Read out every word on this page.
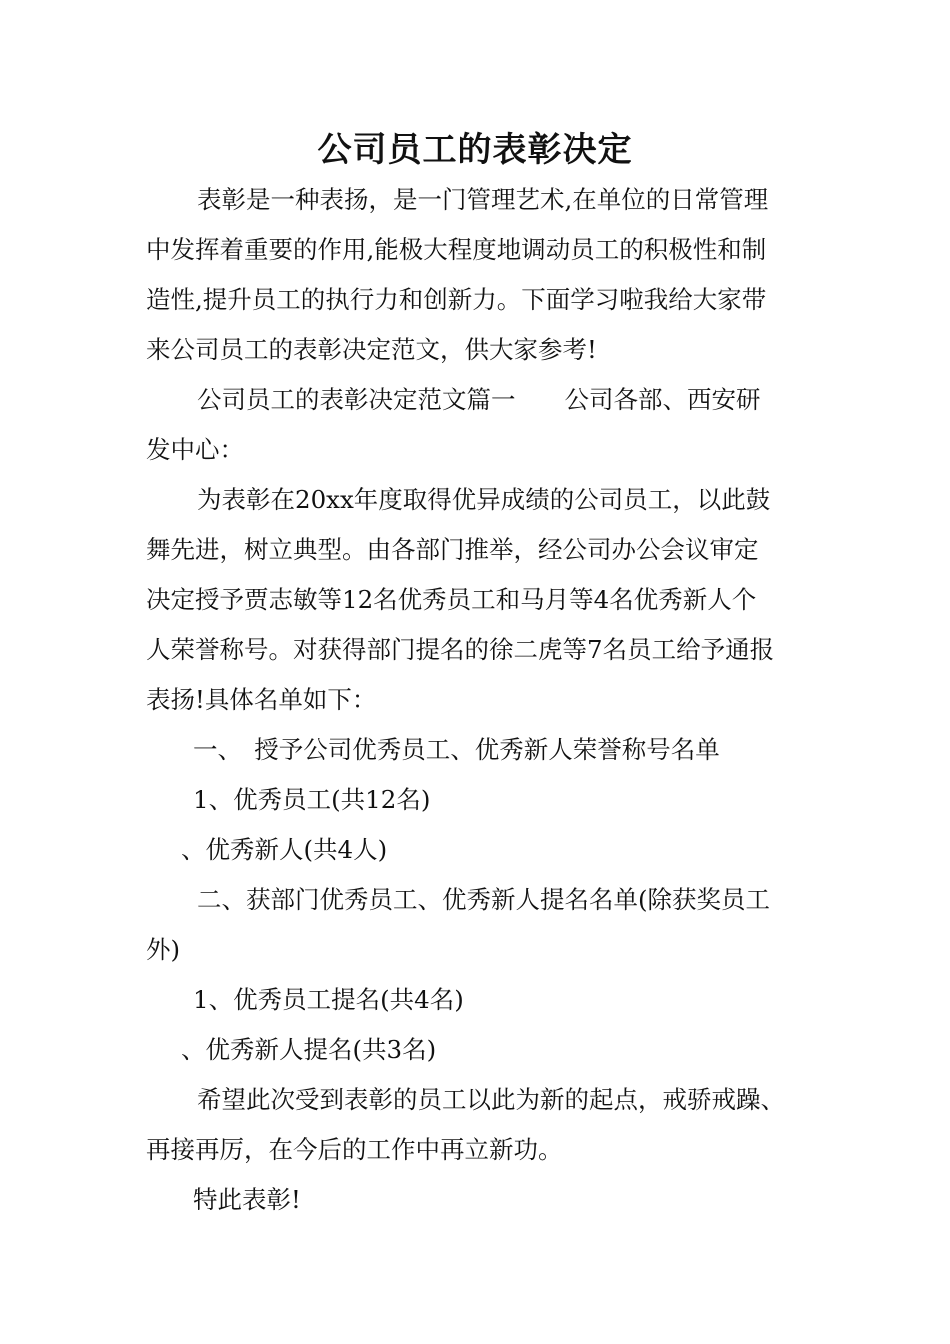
公司员工的表彰决定
表彰是一种表扬，是一门管理艺术,在单位的日常管理
中发挥着重要的作用,能极大程度地调动员工的积极性和制
造性,提升员工的执行力和创新力。下面学习啦我给大家带
来公司员工的表彰决定范文，供大家参考!
公司员工的表彰决定范文篇一　　公司各部、西安研
发中心：
为表彰在20xx年度取得优异成绩的公司员工，以此鼓
舞先进，树立典型。由各部门推举，经公司办公会议审定
决定授予贾志敏等12名优秀员工和马月等4名优秀新人个
人荣誉称号。对获得部门提名的徐二虎等7名员工给予通报
表扬!具体名单如下：
一、　授予公司优秀员工、优秀新人荣誉称号名单
1、优秀员工(共12名)
、优秀新人(共4人)
二、获部门优秀员工、优秀新人提名名单(除获奖员工
外)
1、优秀员工提名(共4名)
、优秀新人提名(共3名)
希望此次受到表彰的员工以此为新的起点，戒骄戒躁、
再接再厉，在今后的工作中再立新功。
特此表彰!
